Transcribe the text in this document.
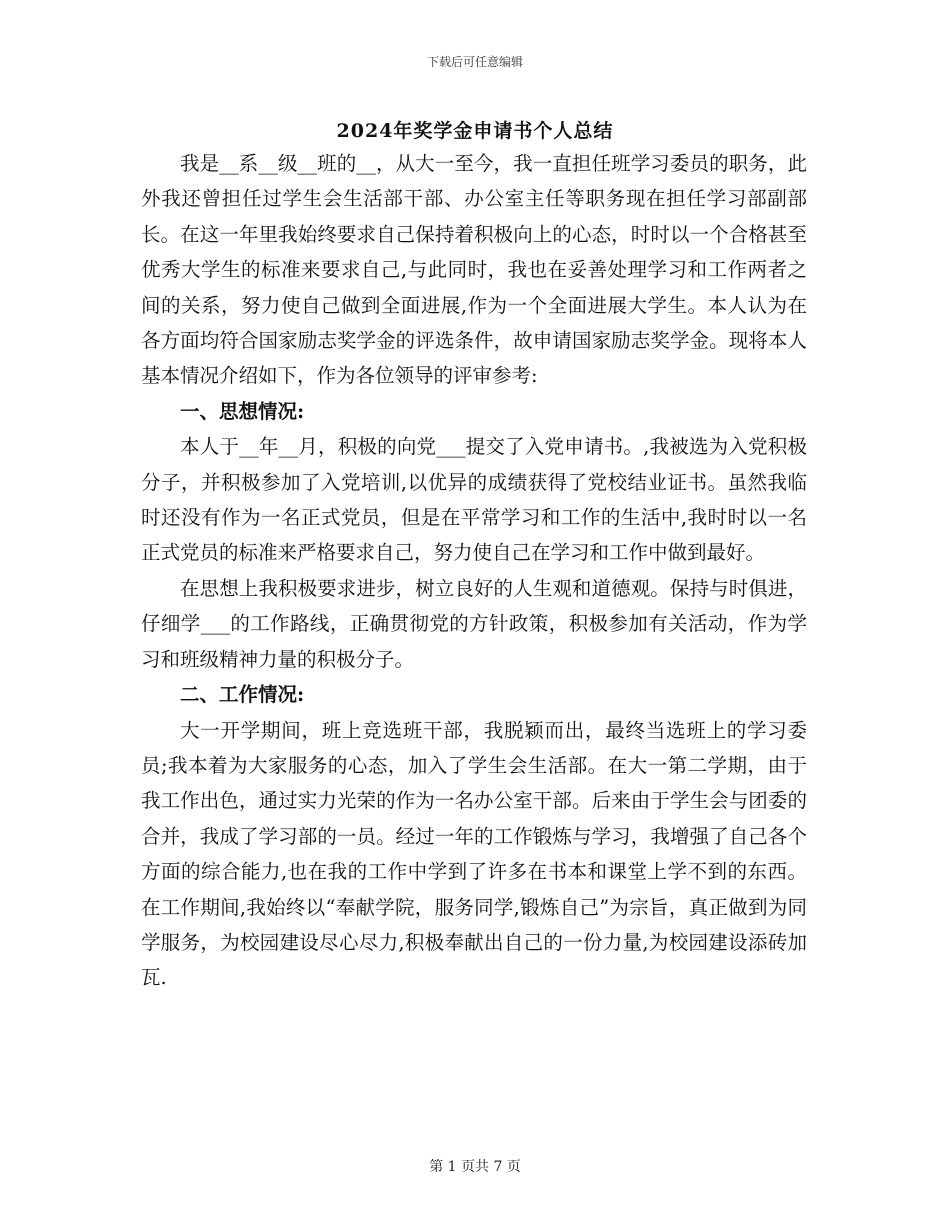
下载后可任意编辑
2024年奖学金申请书个人总结

我是__系__级__班的__，从大一至今，我一直担任班学习委员的职务，此外我还曾担任过学生会生活部干部、办公室主任等职务现在担任学习部副部长。在这一年里我始终要求自己保持着积极向上的心态，时时以一个合格甚至优秀大学生的标准来要求自己,与此同时，我也在妥善处理学习和工作两者之间的关系，努力使自己做到全面进展,作为一个全面进展大学生。本人认为在各方面均符合国家励志奖学金的评选条件，故申请国家励志奖学金。现将本人基本情况介绍如下，作为各位领导的评审参考:

一、思想情况:

本人于__年__月，积极的向党___提交了入党申请书。,我被选为入党积极分子，并积极参加了入党培训,以优异的成绩获得了党校结业证书。虽然我临时还没有作为一名正式党员，但是在平常学习和工作的生活中,我时时以一名正式党员的标准来严格要求自己，努力使自己在学习和工作中做到最好。

在思想上我积极要求进步，树立良好的人生观和道德观。保持与时俱进，仔细学___的工作路线，正确贯彻党的方针政策，积极参加有关活动，作为学习和班级精神力量的积极分子。

二、工作情况:

大一开学期间，班上竞选班干部，我脱颖而出，最终当选班上的学习委员;我本着为大家服务的心态，加入了学生会生活部。在大一第二学期，由于我工作出色，通过实力光荣的作为一名办公室干部。后来由于学生会与团委的合并，我成了学习部的一员。经过一年的工作锻炼与学习，我增强了自己各个方面的综合能力,也在我的工作中学到了许多在书本和课堂上学不到的东西。在工作期间,我始终以“奉献学院，服务同学,锻炼自己”为宗旨，真正做到为同学服务，为校园建设尽心尽力,积极奉献出自己的一份力量,为校园建设添砖加瓦.

第 1 页共 7 页
